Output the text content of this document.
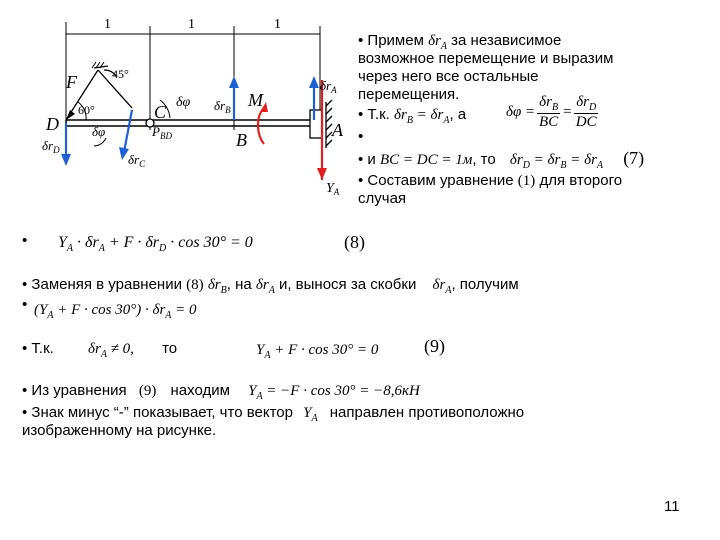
1	1	1
45°
60°
F
D
C
B	A
M
δφ
δφ	$P_{BD}$
$\delta r_D$
$\delta r_C$
$\delta r_B$
$\delta r_A$
$Y_A$
• Примем $\delta r_A$ за независимое
возможное перемещение и выразим
через него все остальные
перемещения.
• Т.к. $\delta r_B = \delta r_A$, а	δφ =
$\delta r_B$
BC
=
$\delta r_D$
DC
•
• и BC = DC = 1м, то $\delta r_D = \delta r_B = \delta r_A$ (7)
• Составим уравнение (1) для второго
случая
• $Y_A \cdot \delta r_A + F \cdot \delta r_D \cdot \cos 30^\circ = 0$	(8)
• Заменяя в уравнении (8) $\delta r_B$, на $\delta r_A$ и, вынося за скобки $\delta r_A$, получим
• $(Y_A + F \cdot \cos 30^\circ) \cdot \delta r_A = 0$
• Т.к. $\delta r_A \ne 0$, то	$Y_A + F \cdot \cos 30^\circ = 0$	(9)
• Из уравнения (9) находим $Y_A = -F \cdot \cos 30^\circ = -8,6кН$
• Знак минус “-” показывает, что вектор $Y_A$ направлен противоположно
изображенному на рисунке.
11
